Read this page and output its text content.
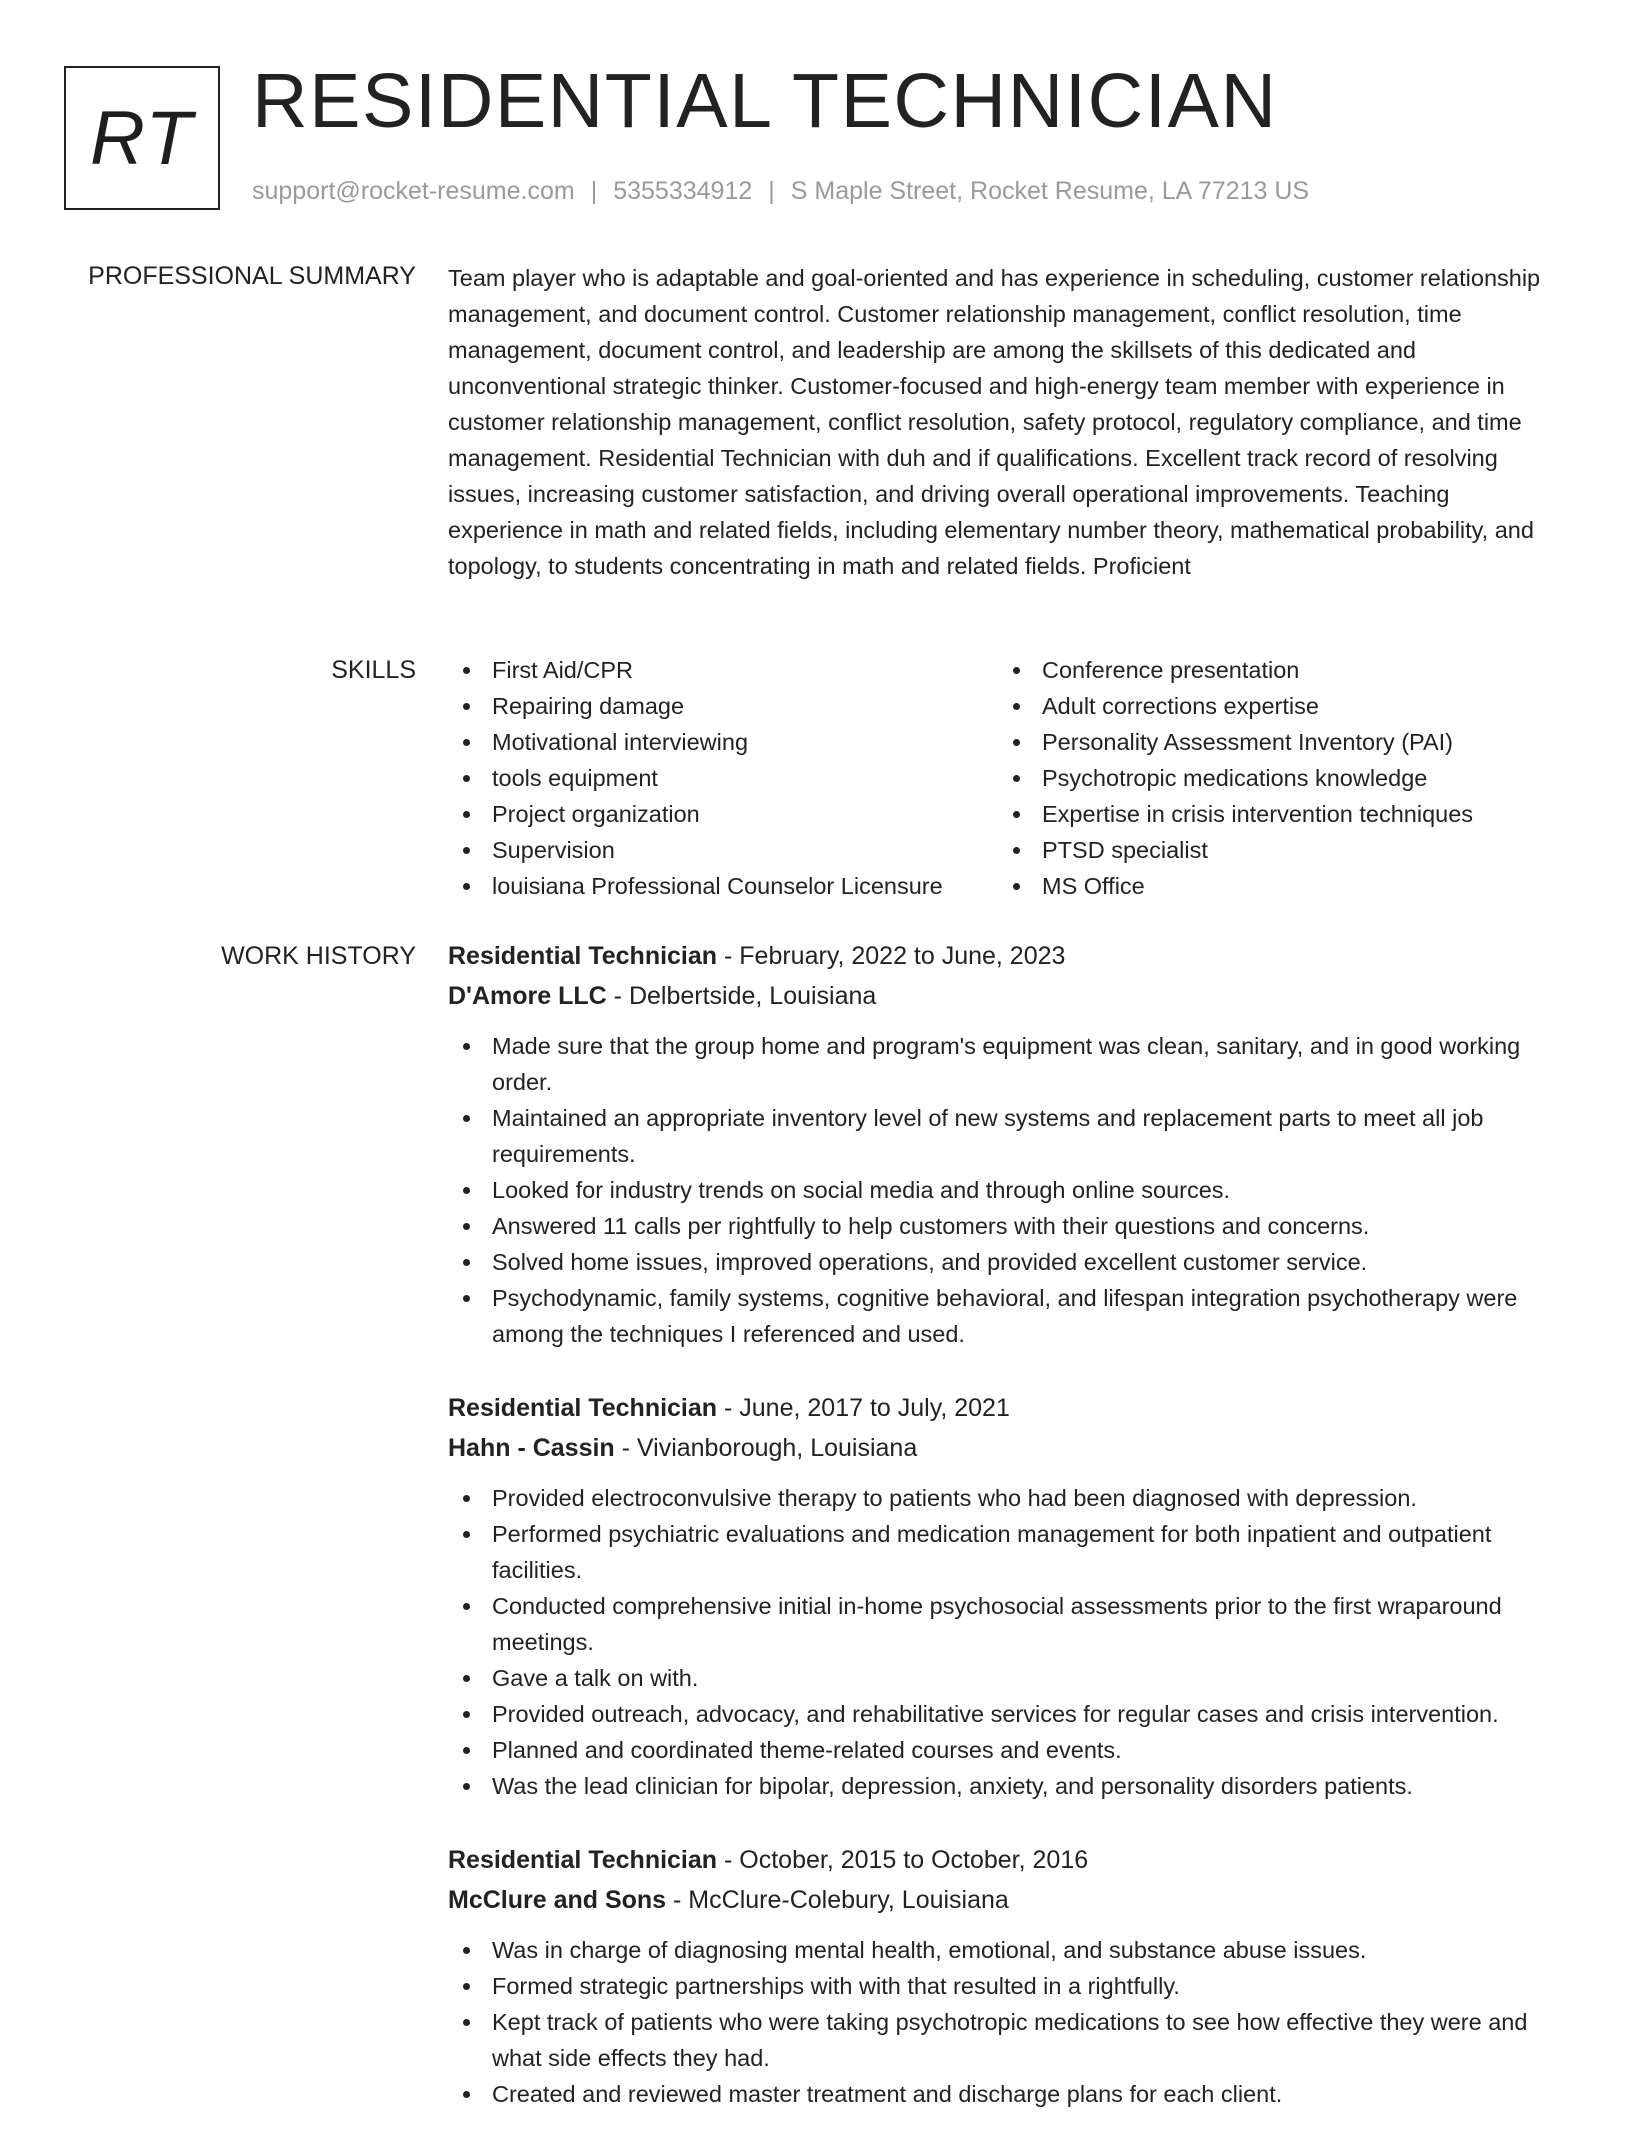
RT RESIDENTIAL TECHNICIAN
support@rocket-resume.com | 5355334912 | S Maple Street, Rocket Resume, LA 77213 US
PROFESSIONAL SUMMARY Team player who is adaptable and goal-oriented and has experience in scheduling, customer relationship management, and document control. Customer relationship management, conflict resolution, time management, document control, and leadership are among the skillsets of this dedicated and unconventional strategic thinker. Customer-focused and high-energy team member with experience in customer relationship management, conflict resolution, safety protocol, regulatory compliance, and time management. Residential Technician with duh and if qualifications. Excellent track record of resolving issues, increasing customer satisfaction, and driving overall operational improvements. Teaching experience in math and related fields, including elementary number theory, mathematical probability, and topology, to students concentrating in math and related fields. Proficient

SKILLS	First Aid/CPR
Repairing damage
Motivational interviewing
tools equipment
Project organization
Supervision
louisiana Professional Counselor Licensure
Conference presentation
Adult corrections expertise
Personality Assessment Inventory (PAI)
Psychotropic medications knowledge
Expertise in crisis intervention techniques
PTSD specialist
MS Office
WORK HISTORY Residential Technician - February, 2022 to June, 2023
D'Amore LLC - Delbertside, Louisiana
Made sure that the group home and program's equipment was clean, sanitary, and in good working order.
Maintained an appropriate inventory level of new systems and replacement parts to meet all job requirements.
Looked for industry trends on social media and through online sources.
Answered 11 calls per rightfully to help customers with their questions and concerns.
Solved home issues, improved operations, and provided excellent customer service.
Psychodynamic, family systems, cognitive behavioral, and lifespan integration psychotherapy were among the techniques I referenced and used.
Residential Technician - June, 2017 to July, 2021
Hahn - Cassin - Vivianborough, Louisiana
Provided electroconvulsive therapy to patients who had been diagnosed with depression.
Performed psychiatric evaluations and medication management for both inpatient and outpatient facilities.
Conducted comprehensive initial in-home psychosocial assessments prior to the first wraparound meetings.
Gave a talk on with.
Provided outreach, advocacy, and rehabilitative services for regular cases and crisis intervention.
Planned and coordinated theme-related courses and events.
Was the lead clinician for bipolar, depression, anxiety, and personality disorders patients.
Residential Technician - October, 2015 to October, 2016
McClure and Sons - McClure-Colebury, Louisiana
Was in charge of diagnosing mental health, emotional, and substance abuse issues.
Formed strategic partnerships with with that resulted in a rightfully.
Kept track of patients who were taking psychotropic medications to see how effective they were and what side effects they had.
Created and reviewed master treatment and discharge plans for each client.
